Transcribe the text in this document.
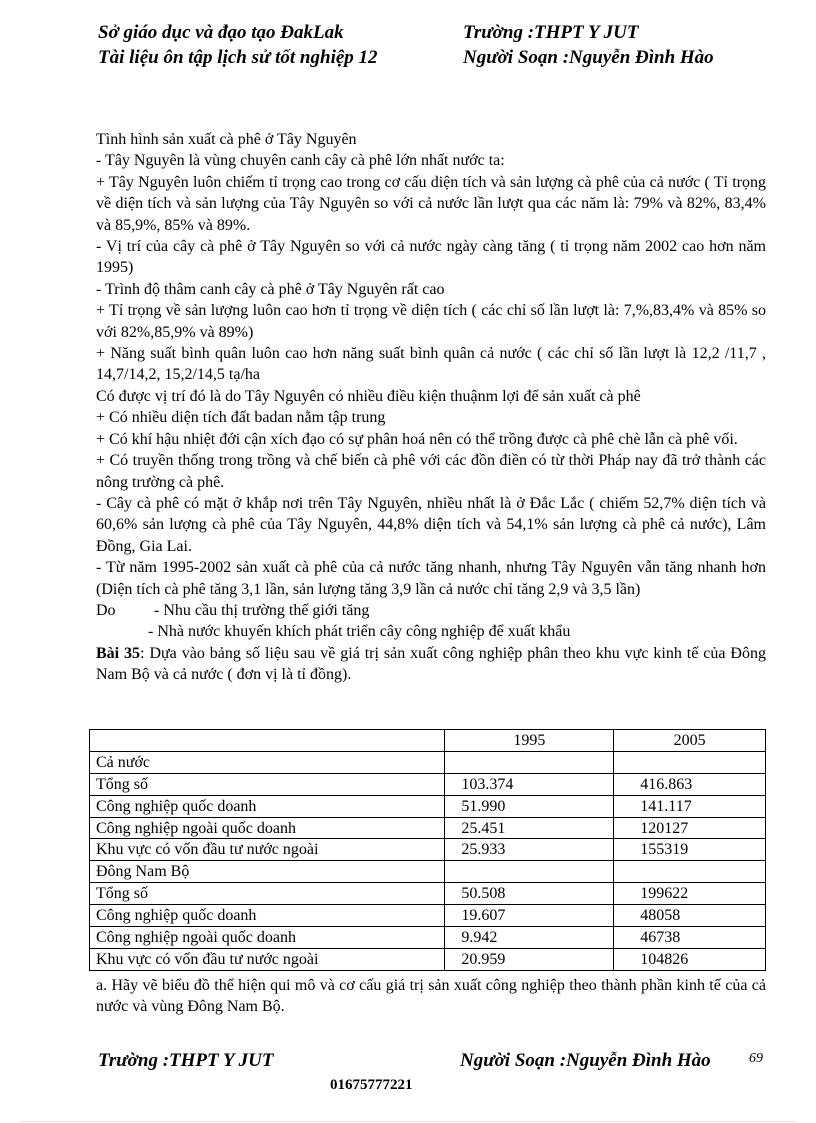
Sở giáo dục và đạo tạo ĐakLak
Tài liệu ôn tập lịch sử tốt nghiệp 12
Trường :THPT Y JUT
Người Soạn :Nguyễn Đình Hào

Tình hình sản xuất cà phê ở Tây Nguyên

- Tây Nguyên là vùng chuyên canh cây cà phê lớn nhất nước ta:

+ Tây Nguyên luôn chiếm tỉ trọng cao trong cơ cấu diện tích và sản lượng cà phê của cả nước ( Tỉ trọng về diện tích và sản lượng của Tây Nguyên so với cả nước lần lượt qua các năm là: 79% và 82%, 83,4% và 85,9%, 85% và 89%.

- Vị trí của cây cà phê ở Tây Nguyên so với cả nước ngày càng tăng ( tỉ trọng năm 2002 cao hơn năm 1995)

- Trình độ thâm canh cây cà phê ở Tây Nguyên rất cao

+ Tỉ trọng về sản lượng luôn cao hơn tỉ trọng về diện tích ( các chỉ số lần lượt là: 7,%,83,4% và 85% so với 82%,85,9% và 89%)

+ Năng suất bình quân luôn cao hơn năng suất bình quân cả nước ( các chỉ số lần lượt là 12,2 /11,7 , 14,7/14,2, 15,2/14,5 tạ/ha

Có được vị trí đó là do Tây Nguyên có nhiều điều kiện thuậnm lợi để sản xuất cà phê

+ Có nhiều diện tích đất badan nằm tập trung

+ Có khí hậu nhiệt đới cận xích đạo có sự phân hoá nên có thể trồng được cà phê chè lẫn cà phê vối.

+ Có truyền thống trong trồng và chế biến cà phê với các đồn điền có từ thời Pháp nay đã trở thành các nông trường cà phê.

- Cây cà phê có mặt ở khắp nơi trên Tây Nguyên, nhiều nhất là ở Đắc Lắc ( chiếm 52,7% diện tích và 60,6% sản lượng cà phê của Tây Nguyên, 44,8% diện tích và 54,1% sản lượng cà phê cả nước), Lâm Đồng, Gia Lai.

- Từ năm 1995-2002 sản xuất cà phê của cả nước tăng nhanh, nhưng Tây Nguyên vẫn tăng nhanh hơn (Diện tích cà phê tăng 3,1 lần, sản lượng tăng 3,9 lần cả nước chỉ tăng 2,9 và 3,5 lần)

Do - Nhu cầu thị trường thế giới tăng

- Nhà nước khuyến khích phát triển cây công nghiệp để xuất khẩu

Bài 35: Dựa vào bảng số liệu sau về giá trị sản xuất công nghiệp phân theo khu vực kinh tế của Đông Nam Bộ và cả nước ( đơn vị là tỉ đồng).

	1995	2005
Cả nước		
Tổng số	103.374	416.863
Công nghiệp quốc doanh	51.990	141.117
Công nghiệp ngoài quốc doanh	25.451	120127
Khu vực có vốn đầu tư nước ngoài	25.933	155319
Đông Nam Bộ		
Tổng số	50.508	199622
Công nghiệp quốc doanh	19.607	48058
Công nghiệp ngoài quốc doanh	9.942	46738
Khu vực có vốn đầu tư nước ngoài	20.959	104826
a. Hãy vẽ biểu đồ thể hiện qui mô và cơ cấu giá trị sản xuất công nghiệp theo thành phần kinh tế của cả nước và vùng Đông Nam Bộ.
Trường :THPT Y JUT	Người Soạn :Nguyễn Đình Hào	69
01675777221
